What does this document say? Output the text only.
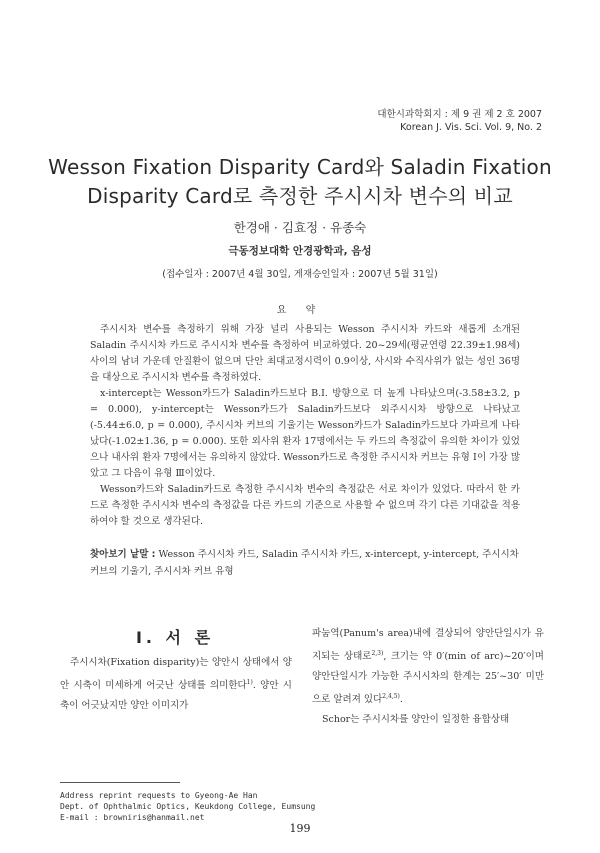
대한시과학회지 : 제 9 권 제 2 호 2007
Korean J. Vis. Sci. Vol. 9, No. 2
Wesson Fixation Disparity Card와 Saladin Fixation
Disparity Card로 측정한 주시시차 변수의 비교
한경애 · 김효정 · 유종숙
극동정보대학 안경광학과, 음성
(접수일자 : 2007년 4월 30일, 게재승인일자 : 2007년 5월 31일)
요 약

주시시차 변수를 측정하기 위해 가장 널리 사용되는 Wesson 주시시차 카드와 새롭게 소개된 Saladin 주시시차 카드로 주시시차 변수를 측정하여 비교하였다. 20~29세(평균연령 22.39±1.98세) 사이의 남녀 가운데 안질환이 없으며 단안 최대교정시력이 0.9이상, 사시와 수직사위가 없는 성인 36명을 대상으로 주시시차 변수를 측정하였다.

x-intercept는 Wesson카드가 Saladin카드보다 B.I. 방향으로 더 높게 나타났으며(-3.58±3.2, p = 0.000), y-intercept는 Wesson카드가 Saladin카드보다 외주시시차 방향으로 나타났고(-5.44±6.0, p = 0.000), 주시시차 커브의 기울기는 Wesson카드가 Saladin카드보다 가파르게 나타났다(-1.02±1.36, p = 0.000). 또한 외사위 환자 17명에서는 두 카드의 측정값이 유의한 차이가 있었으나 내사위 환자 7명에서는 유의하지 않았다. Wesson카드로 측정한 주시시차 커브는 유형 Ⅰ이 가장 많았고 그 다음이 유형 Ⅲ이었다.

Wesson카드와 Saladin카드로 측정한 주시시차 변수의 측정값은 서로 차이가 있었다. 따라서 한 카드로 측정한 주시시차 변수의 측정값을 다른 카드의 기준으로 사용할 수 없으며 각기 다른 기대값을 적용하여야 할 것으로 생각된다.

찾아보기 낱말 : Wesson 주시시차 카드, Saladin 주시시차 카드, x-intercept, y-intercept, 주시시차 커브의 기울기, 주시시차 커브 유형
I. 서 론

주시시차(Fixation disparity)는 양안시 상태에서 양안 시축이 미세하게 어긋난 상태를 의미한다$^{1)}$. 양안 시축이 어긋났지만 양안 이미지가

파눔역(Panum's area)내에 결상되어 양안단일시가 유지되는 상태로$^{2,3)}$, 크기는 약 0′(min of arc)~20′이며 양안단일시가 가능한 주시시차의 한계는 25′~30′ 미만으로 알려져 있다$^{2,4,5)}$.

Schor는 주시시차를 양안이 일정한 융합상태

Address reprint requests to Gyeong-Ae Han
Dept. of Ophthalmic Optics, Keukdong College, Eumsung
E-mail : browniris@hanmail.net
199
